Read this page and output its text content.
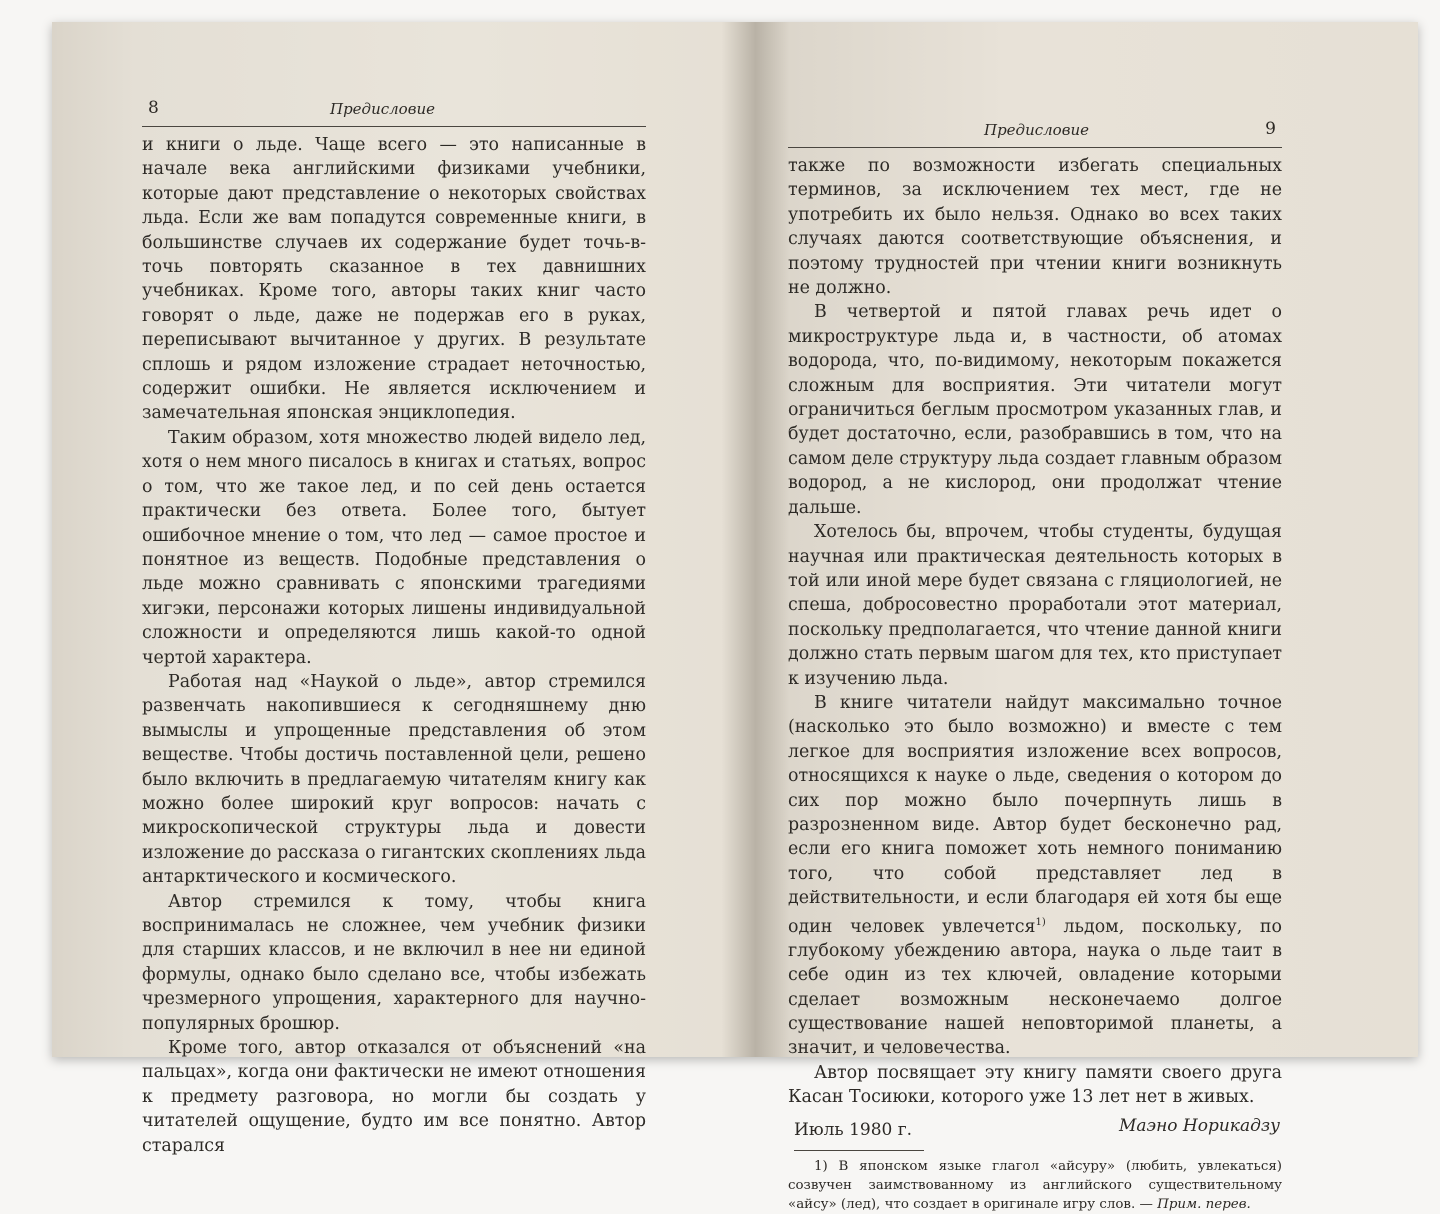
8	Предисловие

и книги о льде. Чаще всего — это написанные в начале века английскими физиками учебники, которые дают представление о некоторых свойствах льда. Если же вам попадутся современные книги, в большинстве случаев их содержание будет точь-в-точь повторять сказанное в тех давнишних учебниках. Кроме того, авторы таких книг часто говорят о льде, даже не подержав его в руках, переписывают вычитанное у других. В результате сплошь и рядом изложение страдает неточностью, содержит ошибки. Не является исключением и замечательная японская энциклопедия.

Таким образом, хотя множество людей видело лед, хотя о нем много писалось в книгах и статьях, вопрос о том, что же такое лед, и по сей день остается практически без ответа. Более того, бытует ошибочное мнение о том, что лед — самое простое и понятное из веществ. Подобные представления о льде можно сравнивать с японскими трагедиями хигэки, персонажи которых лишены индивидуальной сложности и определяются лишь какой-то одной чертой характера.

Работая над «Наукой о льде», автор стремился развенчать накопившиеся к сегодняшнему дню вымыслы и упрощенные представления об этом веществе. Чтобы достичь поставленной цели, решено было включить в предлагаемую читателям книгу как можно более широкий круг вопросов: начать с микроскопической структуры льда и довести изложение до рассказа о гигантских скоплениях льда антарктического и космического.

Автор стремился к тому, чтобы книга воспринималась не сложнее, чем учебник физики для старших классов, и не включил в нее ни единой формулы, однако было сделано все, чтобы избежать чрезмерного упрощения, характерного для научно-популярных брошюр.

Кроме того, автор отказался от объяснений «на пальцах», когда они фактически не имеют отношения к предмету разговора, но могли бы создать у читателей ощущение, будто им все понятно. Автор старался

Предисловие	9

также по возможности избегать специальных терминов, за исключением тех мест, где не употребить их было нельзя. Однако во всех таких случаях даются соответствующие объяснения, и поэтому трудностей при чтении книги возникнуть не должно.

В четвертой и пятой главах речь идет о микроструктуре льда и, в частности, об атомах водорода, что, по-видимому, некоторым покажется сложным для восприятия. Эти читатели могут ограничиться беглым просмотром указанных глав, и будет достаточно, если, разобравшись в том, что на самом деле структуру льда создает главным образом водород, а не кислород, они продолжат чтение дальше.

Хотелось бы, впрочем, чтобы студенты, будущая научная или практическая деятельность которых в той или иной мере будет связана с гляциологией, не спеша, добросовестно проработали этот материал, поскольку предполагается, что чтение данной книги должно стать первым шагом для тех, кто приступает к изучению льда.

В книге читатели найдут максимально точное (насколько это было возможно) и вместе с тем легкое для восприятия изложение всех вопросов, относящихся к науке о льде, сведения о котором до сих пор можно было почерпнуть лишь в разрозненном виде. Автор будет бесконечно рад, если его книга поможет хоть немного пониманию того, что собой представляет лед в действительности, и если благодаря ей хотя бы еще один человек увлечется$^{1)}$ льдом, поскольку, по глубокому убеждению автора, наука о льде таит в себе один из тех ключей, овладение которыми сделает возможным несконечаемо долгое существование нашей неповторимой планеты, а значит, и человечества.

Автор посвящает эту книгу памяти своего друга Касан Тосиюки, которого уже 13 лет нет в живых.

Июль 1980 г.	Маэно Норикадзу

1) В японском языке глагол «айсуру» (любить, увлекаться) созвучен заимствованному из английского существительному «айсу» (лед), что создает в оригинале игру слов. — Прим. перев.
